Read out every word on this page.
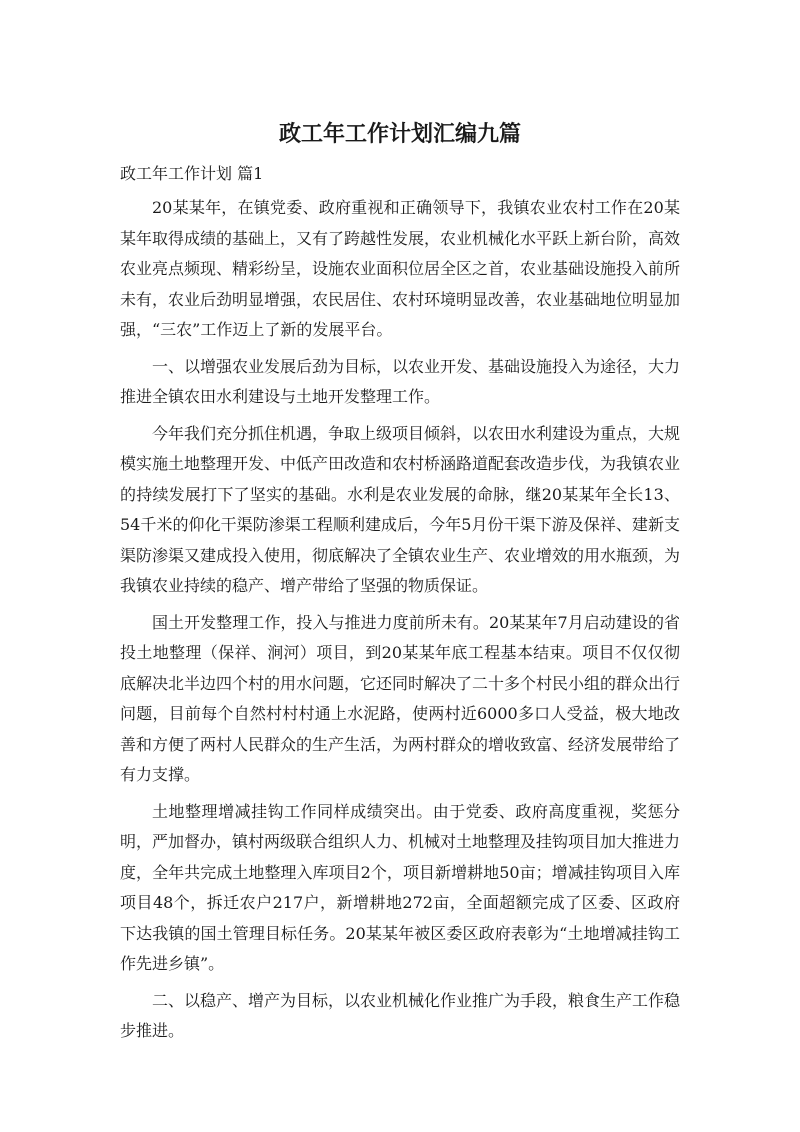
政工年工作计划汇编九篇
政工年工作计划 篇1

20某某年，在镇党委、政府重视和正确领导下，我镇农业农村工作在20某某年取得成绩的基础上，又有了跨越性发展，农业机械化水平跃上新台阶，高效农业亮点频现、精彩纷呈，设施农业面积位居全区之首，农业基础设施投入前所未有，农业后劲明显增强，农民居住、农村环境明显改善，农业基础地位明显加强，“三农”工作迈上了新的发展平台。

一、以增强农业发展后劲为目标，以农业开发、基础设施投入为途径，大力推进全镇农田水利建设与土地开发整理工作。

今年我们充分抓住机遇，争取上级项目倾斜，以农田水利建设为重点，大规模实施土地整理开发、中低产田改造和农村桥涵路道配套改造步伐，为我镇农业的持续发展打下了坚实的基础。水利是农业发展的命脉，继20某某年全长13、54千米的仰化干渠防渗渠工程顺利建成后，今年5月份干渠下游及保祥、建新支渠防渗渠又建成投入使用，彻底解决了全镇农业生产、农业增效的用水瓶颈，为我镇农业持续的稳产、增产带给了坚强的物质保证。

国土开发整理工作，投入与推进力度前所未有。20某某年7月启动建设的省投土地整理（保祥、涧河）项目，到20某某年底工程基本结束。项目不仅仅彻底解决北半边四个村的用水问题，它还同时解决了二十多个村民小组的群众出行问题，目前每个自然村村村通上水泥路，使两村近6000多口人受益，极大地改善和方便了两村人民群众的生产生活，为两村群众的增收致富、经济发展带给了有力支撑。

土地整理增减挂钩工作同样成绩突出。由于党委、政府高度重视，奖惩分明，严加督办，镇村两级联合组织人力、机械对土地整理及挂钩项目加大推进力度，全年共完成土地整理入库项目2个，项目新增耕地50亩；增减挂钩项目入库项目48个，拆迁农户217户，新增耕地272亩，全面超额完成了区委、区政府下达我镇的国土管理目标任务。20某某年被区委区政府表彰为“土地增减挂钩工作先进乡镇”。

二、以稳产、增产为目标，以农业机械化作业推广为手段，粮食生产工作稳步推进。
